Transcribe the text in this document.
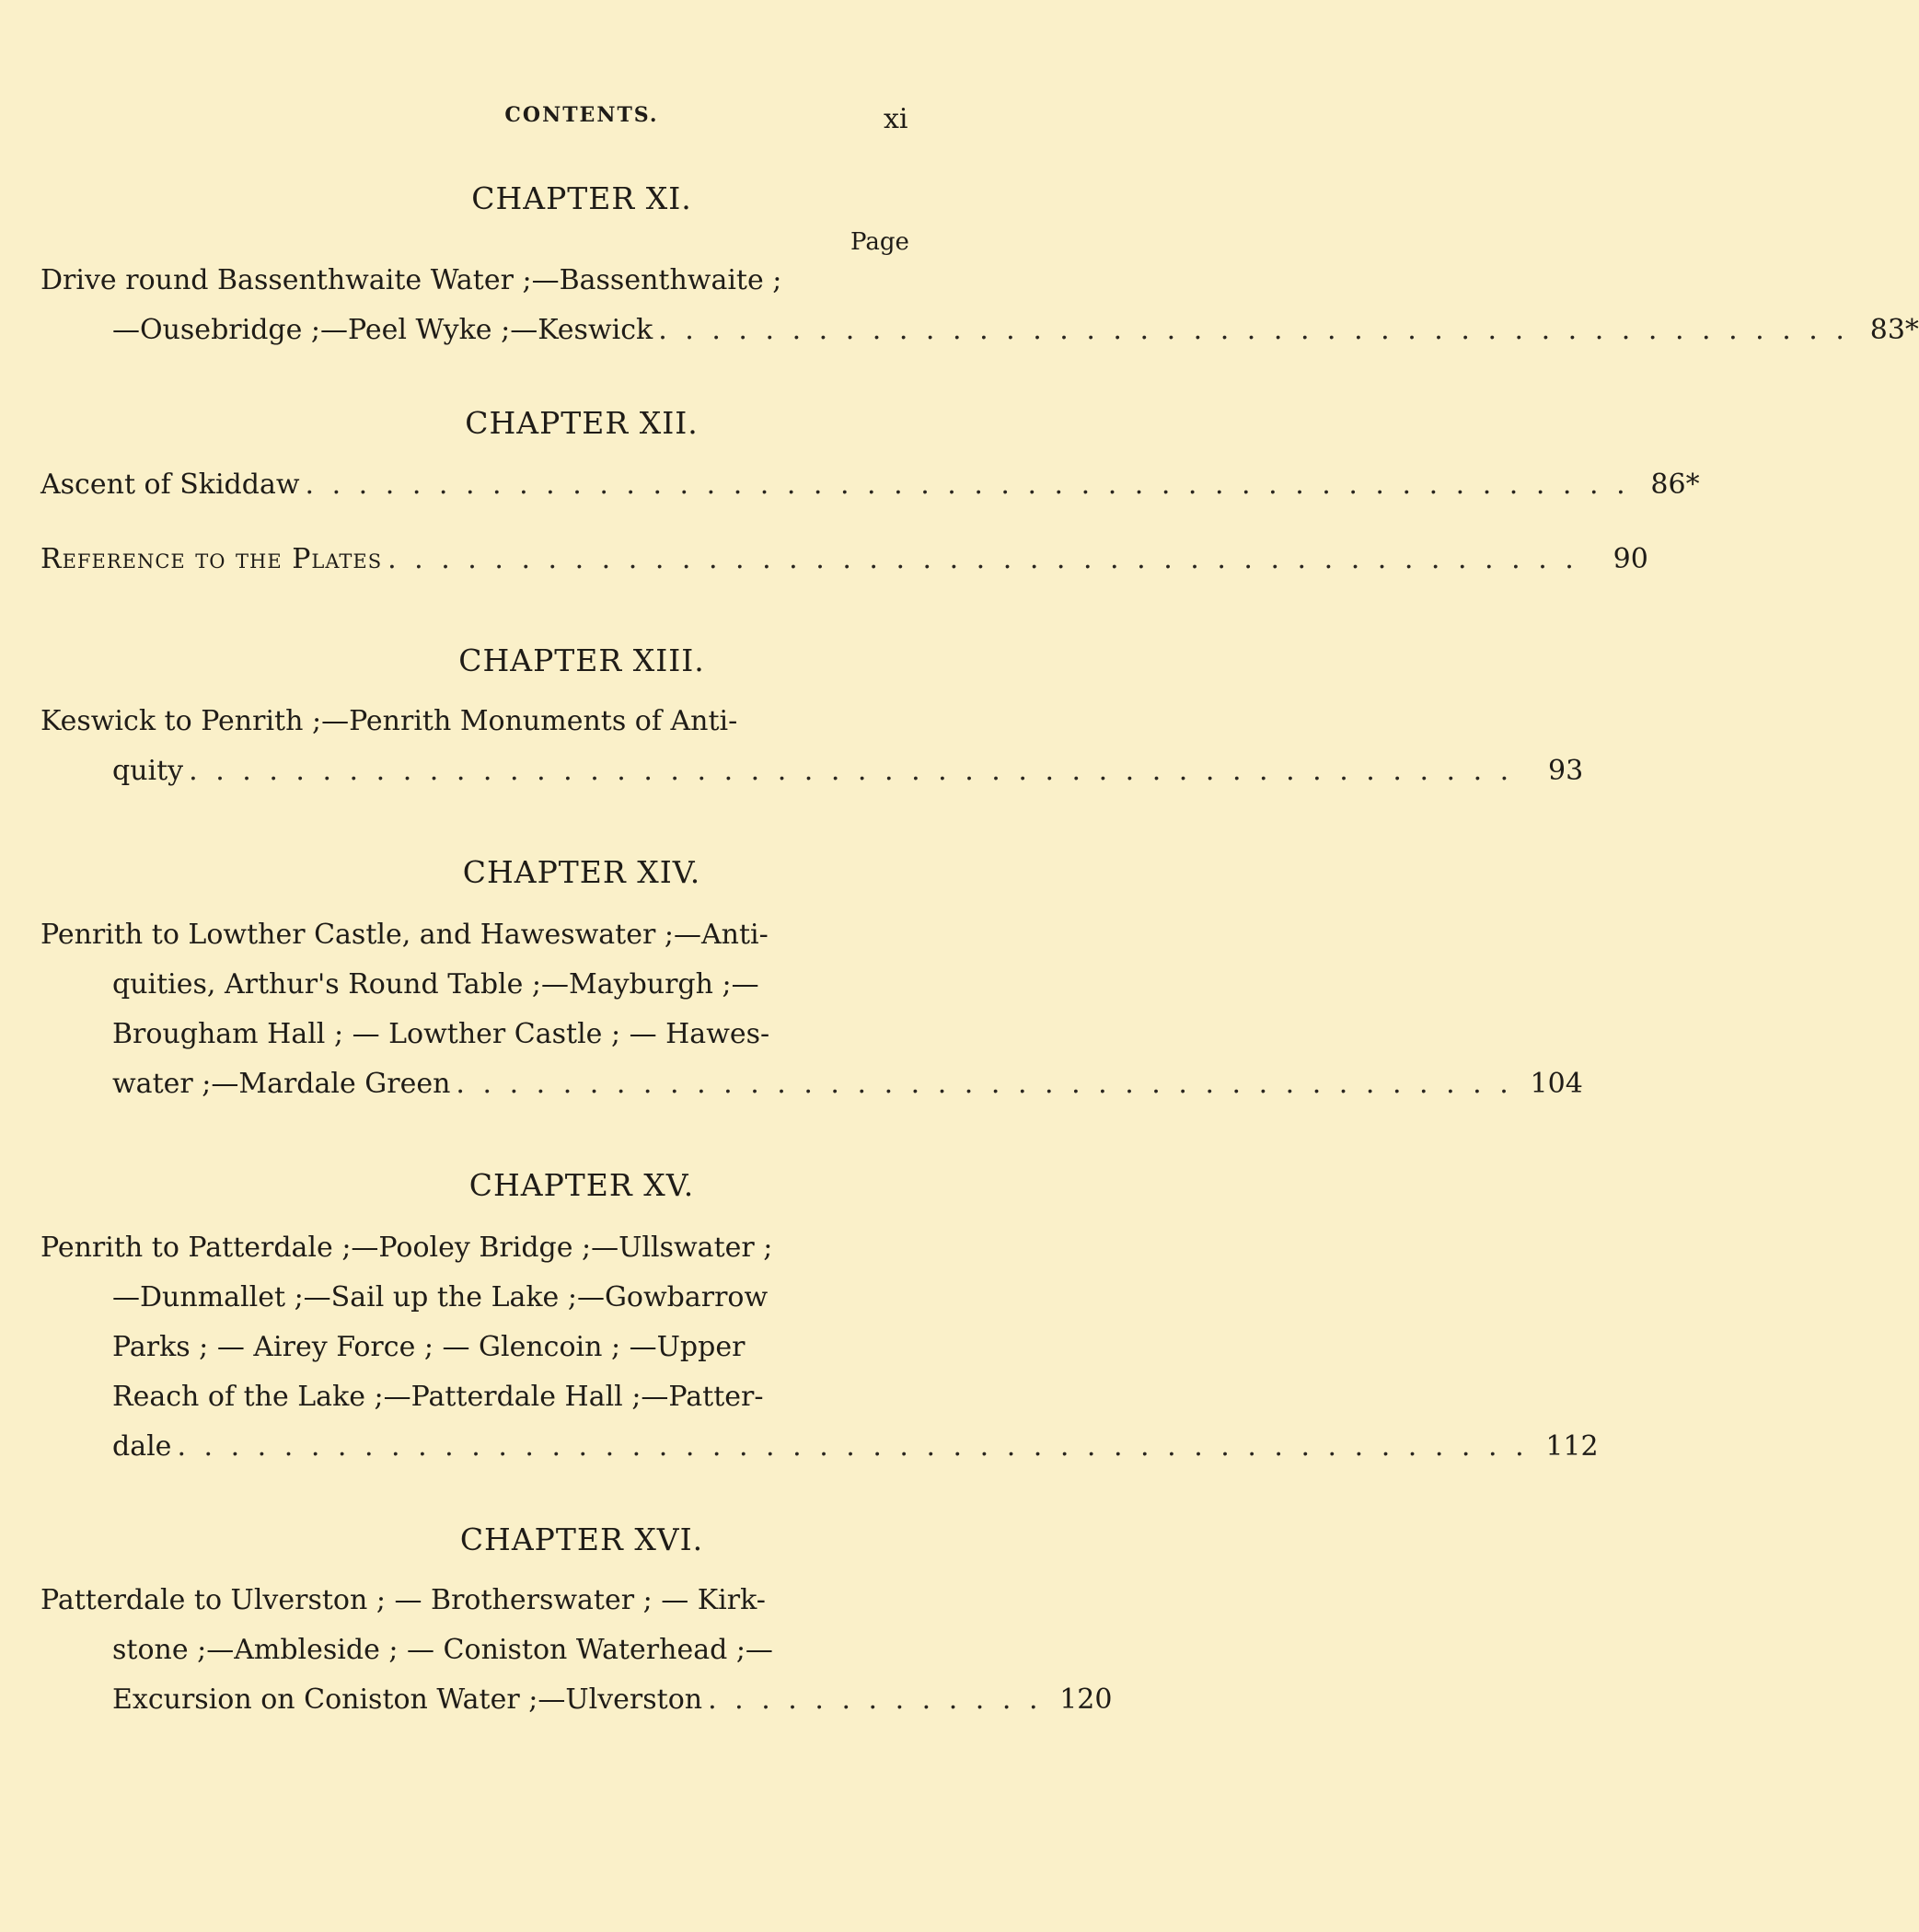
CONTENTS.	xi
CHAPTER XI.
Page
Drive round Bassenthwaite Water ;—Bassenthwaite ;
—Ousebridge ;—Peel Wyke ;—Keswick . . . . . . . . . . . . . . . . . . . . . . . . . . . . . . . . . . . . . . . . . . . . . 83*
CHAPTER XII.
Ascent of Skiddaw . . . . . . . . . . . . . . . . . . . . . . . . . . . . . . . . . . . . . . . . . . . . . . . . . . 86*
Reference to the Plates . . . . . . . . . . . . . . . . . . . . . . . . . . . . . . . . . . . . . . . . . . . . .	90
CHAPTER XIII.
Keswick to Penrith ;—Penrith Monuments of Anti-
quity . . . . . . . . . . . . . . . . . . . . . . . . . . . . . . . . . . . . . . . . . . . . . . . . . .	93
CHAPTER XIV.
Penrith to Lowther Castle, and Haweswater ;—Anti-
quities, Arthur's Round Table ;—Mayburgh ;—
Brougham Hall ; — Lowther Castle ; — Hawes-
water ;—Mardale Green . . . . . . . . . . . . . . . . . . . . . . . . . . . . . . . . . . . . . . . . 104
CHAPTER XV.
Penrith to Patterdale ;—Pooley Bridge ;—Ullswater ;
—Dunmallet ;—Sail up the Lake ;—Gowbarrow
Parks ; — Airey Force ; — Glencoin ; —Upper
Reach of the Lake ;—Patterdale Hall ;—Patter-
dale . . . . . . . . . . . . . . . . . . . . . . . . . . . . . . . . . . . . . . . . . . . . . . . . . . . 112
CHAPTER XVI.
Patterdale to Ulverston ; — Brotherswater ; — Kirk-
stone ;—Ambleside ; — Coniston Waterhead ;—
Excursion on Coniston Water ;—Ulverston . . . . . . . . . . . . . 120
